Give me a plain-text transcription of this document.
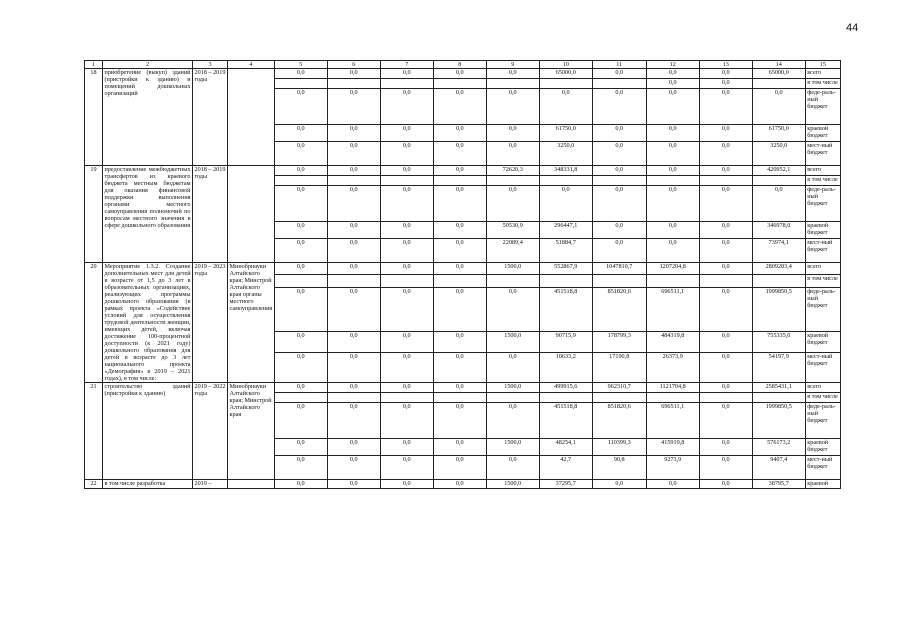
44
1	2	3	4	5	6	7	8	9	10	11	12	13	14	15
18	приобретение (выкуп) зданий (пристройки к зданию) и помещений дошкольных организаций	2018 – 2019 годы		0,0	0,0	0,0	0,0	0,0	65000,0	0,0	0,0	0,0	65000,0	всего
											0,0	0,0		в том числе
				0,0	0,0	0,0	0,0	0,0	0,0	0,0	0,0	0,0	0,0	феде-раль-ный бюджет
				0,0	0,0	0,0	0,0	0,0	61750,0	0,0	0,0	0,0	61750,0	краевой бюджет
				0,0	0,0	0,0	0,0	0,0	3250,0	0,0	0,0	0,0	3250,0	мест-ный бюджет
19	предоставление межбюджетных трансфертов из краевого бюджета местным бюджетам для оказания финансовой поддержки выполнения органами местного самоуправления полномочий по вопросам местного значения в сфере дошкольного образования	2018 – 2019 годы		0,0	0,0	0,0	0,0	72620,3	348331,8	0,0	0,0	0,0	420952,1	всего
														в том числе
				0,0	0,0	0,0	0,0	0,0	0,0	0,0	0,0	0,0	0,0	феде-раль-ный бюджет
				0,0	0,0	0,0	0,0	50530,9	296447,1	0,0	0,0	0,0	346978,0	краевой бюджет
				0,0	0,0	0,0	0,0	22089,4	51884,7	0,0	0,0	0,0	73974,1	мест-ный бюджет
20	Мероприятие 1.3.2. Создание дополнительных мест для детей в возрасте от 1,5 до 3 лет в образовательных организациях, реализующих программы дошкольного образования (в рамках проекта «Содействие условий для осуществления трудовой деятельности женщин, имеющих детей, включая достижение 100-процентной доступности (к 2021 году) дошкольного образования для детей в возрасте до 3 лет национального проекта «Демография» в 2019 – 2021 годах), в том числе:	2019 – 2023 годы	Минобрнауки Алтайского края; Минстрой Алтайского края органы местного самоуправления	0,0	0,0	0,0	0,0	1500,0	552867,9	1047810,7	1207204,8	0,0	2809283,4	всего
														в том числе
				0,0	0,0	0,0	0,0	0,0	451518,8	851820,6	696511,1	0,0	1999850,5	феде-раль-ный бюджет
				0,0	0,0	0,0	0,0	1500,0	90715,9	178799,3	484319,8	0,0	755335,0	краевой бюджет
				0,0	0,0	0,0	0,0	0,0	10633,2	17190,8	26373,9	0,0	54197,9	мест-ный бюджет
21	строительство зданий (пристройки к зданию)	2019 – 2022 годы	Минобрнауки Алтайского края; Минстрой Алтайского края	0,0	0,0	0,0	0,0	1500,0	499915,6	962310,7	1121704,8	0,0	2585431,1	всего
														в том числе
				0,0	0,0	0,0	0,0	0,0	451518,8	851820,6	696511,1	0,0	1999850,5	феде-раль-ный бюджет
				0,0	0,0	0,0	0,0	1500,0	48254,1	110399,3	415919,8	0,0	576173,2	краевой бюджет
				0,0	0,0	0,0	0,0	0,0	42,7	90,8	9273,9	0,0	9407,4	мест-ный бюджет
22	в том числе разработка	2019 –		0,0	0,0	0,0	0,0	1500,0	37295,7	0,0	0,0	0,0	38795,7	краевой
